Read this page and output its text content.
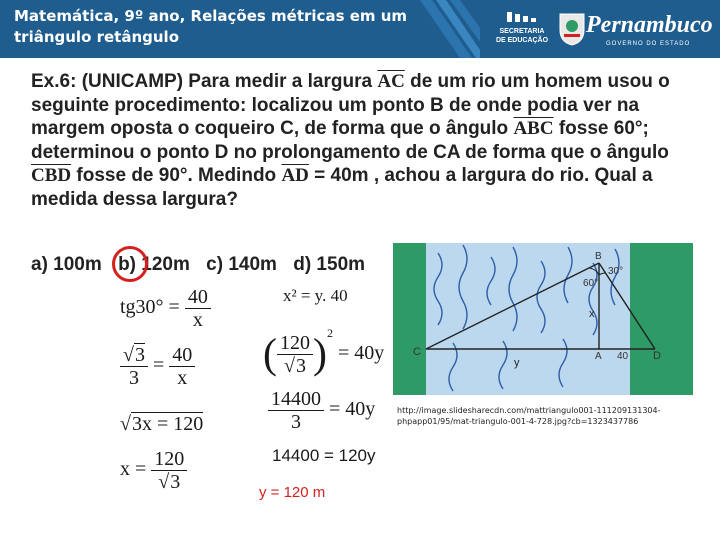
Matemática, 9º ano, Relações métricas em um triângulo retângulo	SECRETARIA
DE EDUCAÇÃO
Pernambuco
GOVERNO DO ESTADO
Ex.6: (UNICAMP) Para medir a largura $\overline{AC}$ de um rio um homem usou o seguinte procedimento: localizou um ponto B de onde podia ver na margem oposta o coqueiro C, de forma que o ângulo $\overline{ABC}$ fosse 60°; determinou o ponto D no prolongamento de CA de forma que o ângulo $\overline{CBD}$ fosse de 90°. Medindo $\overline{AD} = 40m$ , achou a largura do rio. Qual a medida dessa largura?
a) 100m b) 120m c) 140m d) 150m
$tg30^\circ = \frac{40}{x}$
$\frac{√3}{3} = \frac{40}{x}$
√3x = 120
$x = \frac{120}{√3}$
x² = y. 40
( $\frac{120}{√3} )^2 = 40y$
$\frac{14400}{3} = 40y$
14400 = 120y
y = 120 m
B
60°
30°
x
C
y
A 40 D
http://image.slidesharecdn.com/mattriangulo001-111209131304-phpapp01/95/mat-triangulo-001-4-728.jpg?cb=1323437786
